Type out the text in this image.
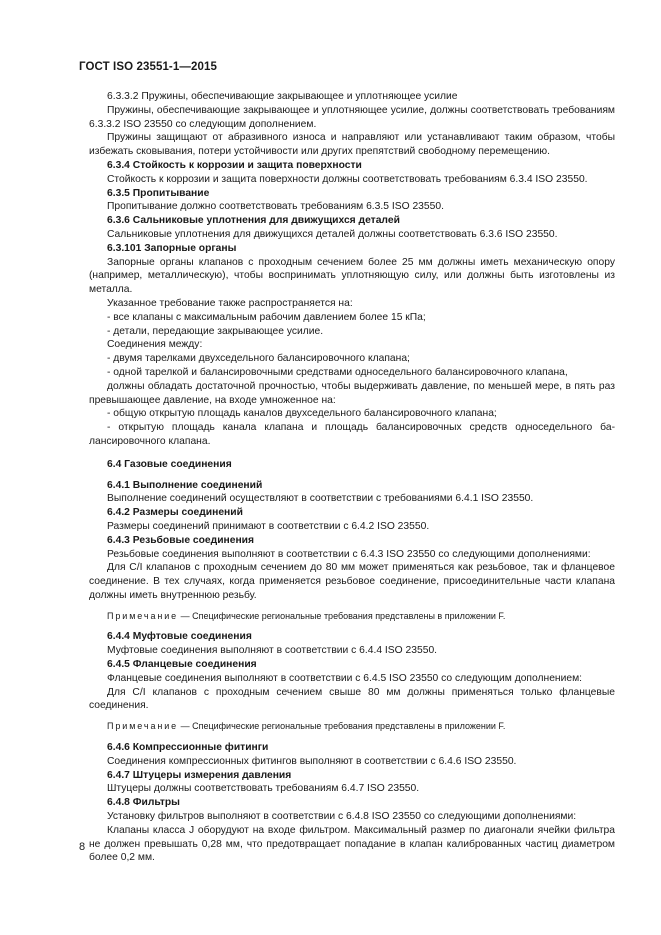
ГОСТ ISO 23551-1—2015

6.3.3.2 Пружины, обеспечивающие закрывающее и уплотняющее усилие

Пружины, обеспечивающие закрывающее и уплотняющее усилие, должны соответствовать требованиям 6.3.3.2 ISO 23550 со следующим дополнением.

Пружины защищают от абразивного износа и направляют или устанавливают таким образом, чтобы избежать сковывания, потери устойчивости или других препятствий свободному перемещению.

6.3.4 Стойкость к коррозии и защита поверхности

Стойкость к коррозии и защита поверхности должны соответствовать требованиям 6.3.4 ISO 23550.

6.3.5 Пропитывание

Пропитывание должно соответствовать требованиям 6.3.5 ISO 23550.

6.3.6 Сальниковые уплотнения для движущихся деталей

Сальниковые уплотнения для движущихся деталей должны соответствовать 6.3.6 ISO 23550.

6.3.101 Запорные органы

Запорные органы клапанов с проходным сечением более 25 мм должны иметь механическую опору (например, металлическую), чтобы воспринимать уплотняющую силу, или должны быть изготовлены из металла.

Указанное требование также распространяется на:

- все клапаны с максимальным рабочим давлением более 15 кПа;

- детали, передающие закрывающее усилие.

Соединения между:

- двумя тарелками двухседельного балансировочного клапана;

- одной тарелкой и балансировочными средствами односедельного балансировочного клапана,

должны обладать достаточной прочностью, чтобы выдерживать давление, по меньшей мере, в пять раз превышающее давление, на входе умноженное на:

- общую открытую площадь каналов двухседельного балансировочного клапана;

- открытую площадь канала клапана и площадь балансировочных средств односедельного балансировочного клапана.

6.4 Газовые соединения

6.4.1 Выполнение соединений

Выполнение соединений осуществляют в соответствии с требованиями 6.4.1 ISO 23550.

6.4.2 Размеры соединений

Размеры соединений принимают в соответствии с 6.4.2 ISO 23550.

6.4.3 Резьбовые соединения

Резьбовые соединения выполняют в соответствии с 6.4.3 ISO 23550 со следующими дополнениями:

Для C/I клапанов с проходным сечением до 80 мм может применяться как резьбовое, так и фланцевое соединение. В тех случаях, когда применяется резьбовое соединение, присоединительные части клапана должны иметь внутреннюю резьбу.

Примечание — Специфические региональные требования представлены в приложении F.

6.4.4 Муфтовые соединения

Муфтовые соединения выполняют в соответствии с 6.4.4 ISO 23550.

6.4.5 Фланцевые соединения

Фланцевые соединения выполняют в соответствии с 6.4.5 ISO 23550 со следующим дополнением:

Для C/I клапанов с проходным сечением свыше 80 мм должны применяться только фланцевые соединения.

Примечание — Специфические региональные требования представлены в приложении F.

6.4.6 Компрессионные фитинги

Соединения компрессионных фитингов выполняют в соответствии с 6.4.6 ISO 23550.

6.4.7 Штуцеры измерения давления

Штуцеры должны соответствовать требованиям 6.4.7 ISO 23550.

6.4.8 Фильтры

Установку фильтров выполняют в соответствии с 6.4.8 ISO 23550 со следующими дополнениями:

Клапаны класса J оборудуют на входе фильтром. Максимальный размер по диагонали ячейки фильтра не должен превышать 0,28 мм, что предотвращает попадание в клапан калиброванных частиц диаметром более 0,2 мм.

8
